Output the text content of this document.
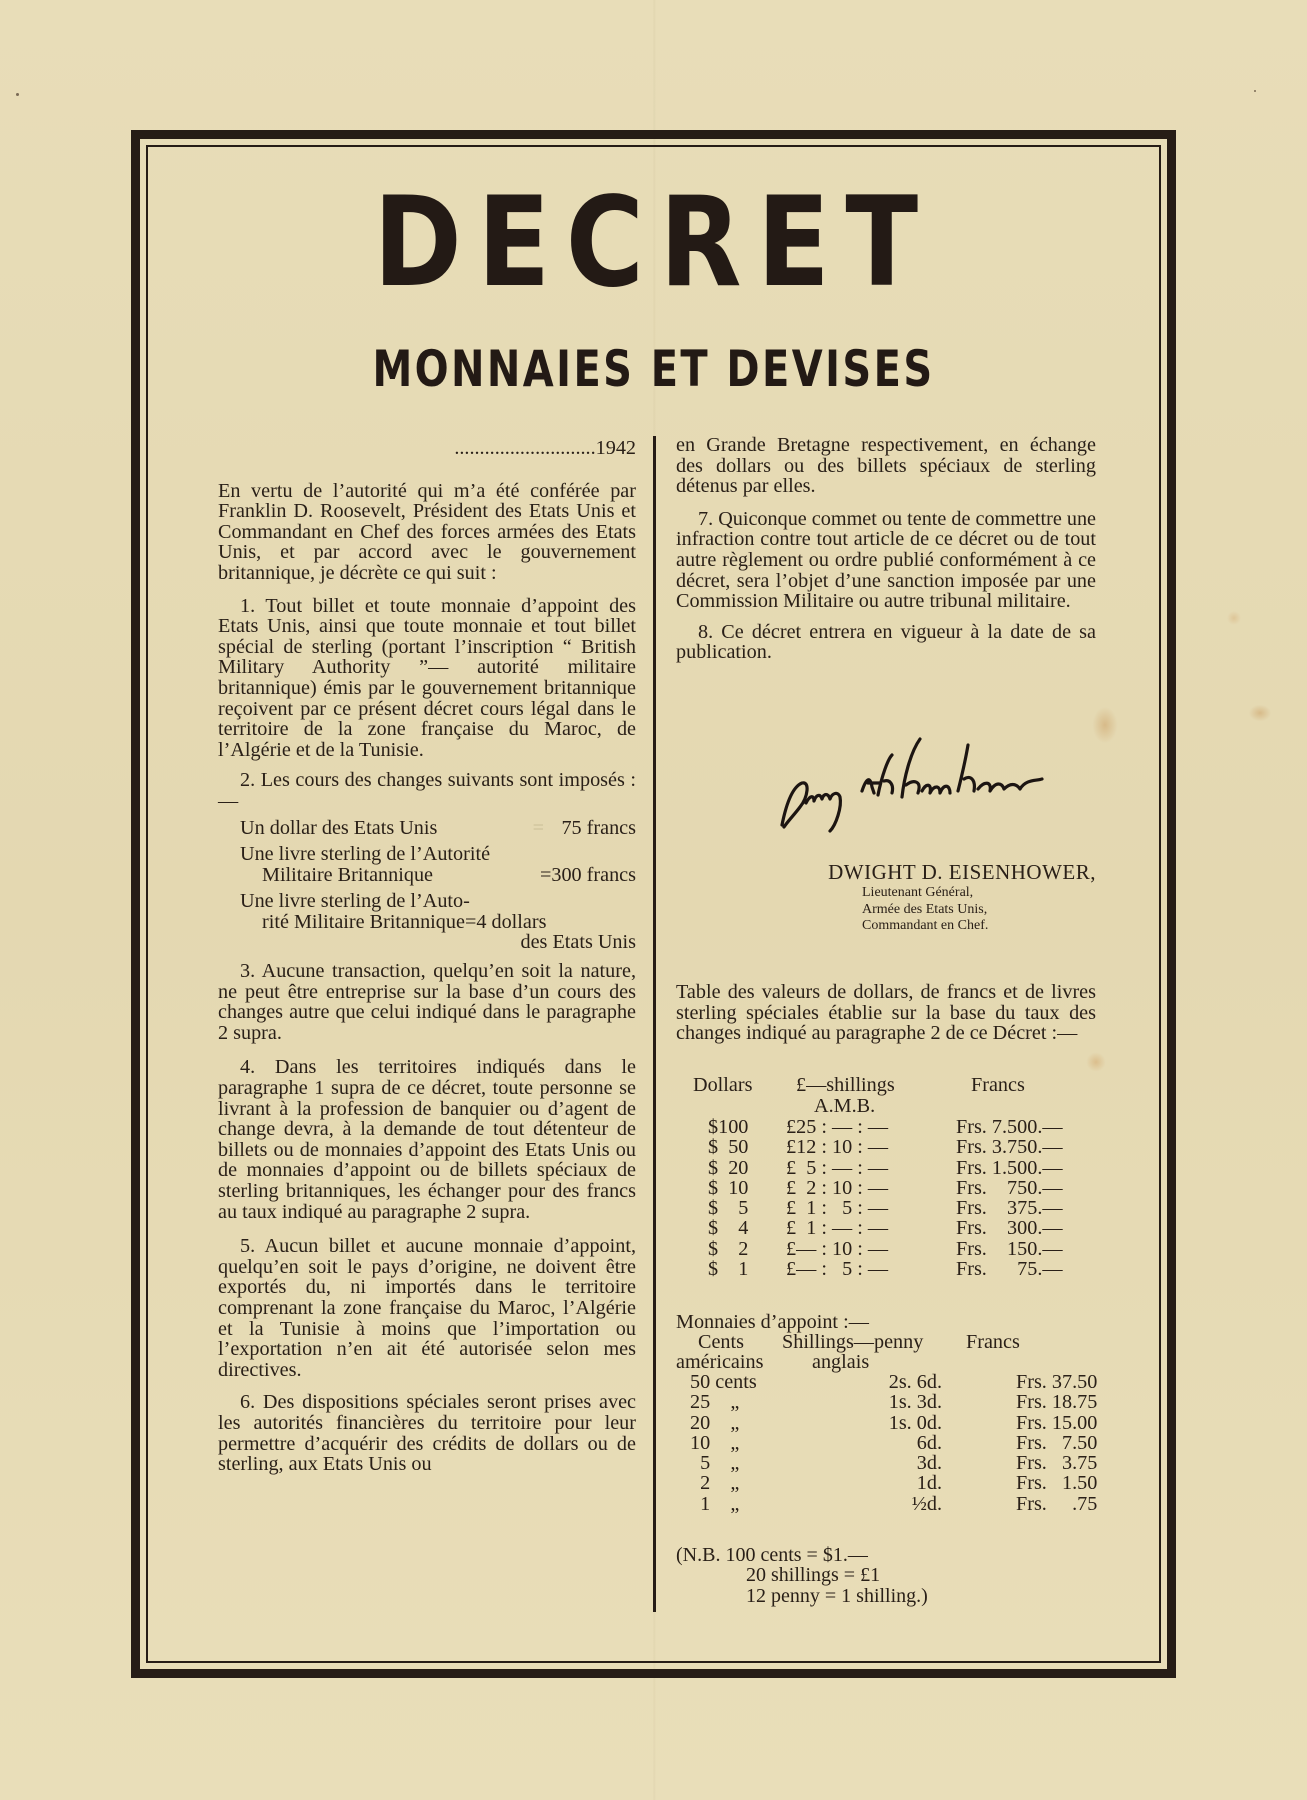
DECRET
MONNAIES ET DEVISES
............................1942

En vertu de l’autorité qui m’a été conférée par Franklin D. Roosevelt, Président des Etats Unis et Commandant en Chef des forces armées des Etats Unis, et par accord avec le gouvernement britannique, je décrète ce qui suit :

1. Tout billet et toute monnaie d’appoint des Etats Unis, ainsi que toute monnaie et tout billet spécial de sterling (portant l’inscription “ British Military Authority ”— autorité militaire britannique) émis par le gouvernement britannique reçoivent par ce présent décret cours légal dans le territoire de la zone française du Maroc, de l’Algérie et de la Tunisie.

2. Les cours des changes suivants sont imposés :—

Un dollar des Etats Unis	= 75 francs
Une livre sterling de l’Autorité
Militaire Britannique	=300 francs
Une livre sterling de l’Auto-
rité Militaire Britannique = 4 dollars
des Etats Unis

3. Aucune transaction, quelqu’en soit la nature, ne peut être entreprise sur la base d’un cours des changes autre que celui indiqué dans le paragraphe 2 supra.

4. Dans les territoires indiqués dans le paragraphe 1 supra de ce décret, toute personne se livrant à la profession de banquier ou d’agent de change devra, à la demande de tout détenteur de billets ou de monnaies d’appoint des Etats Unis ou de monnaies d’appoint ou de billets spéciaux de sterling britanniques, les échanger pour des francs au taux indiqué au paragraphe 2 supra.

5. Aucun billet et aucune monnaie d’appoint, quelqu’en soit le pays d’origine, ne doivent être exportés du, ni importés dans le territoire comprenant la zone française du Maroc, l’Algérie et la Tunisie à moins que l’importation ou l’exportation n’en ait été autorisée selon mes directives.

6. Des dispositions spéciales seront prises avec les autorités financières du territoire pour leur permettre d’acquérir des crédits de dollars ou de sterling, aux Etats Unis ou

en Grande Bretagne respectivement, en échange des dollars ou des billets spéciaux de sterling détenus par elles.

7. Quiconque commet ou tente de commettre une infraction contre tout article de ce décret ou de tout autre règlement ou ordre publié conformément à ce décret, sera l’objet d’une sanction imposée par une Commission Militaire ou autre tribunal militaire.

8. Ce décret entrera en vigueur à la date de sa publication.

DWIGHT D. EISENHOWER,
Lieutenant Général,
Armée des Etats Unis,
Commandant en Chef.
Table des valeurs de dollars, de francs et de livres sterling spéciales établie sur la base du taux des changes indiqué au paragraphe 2 de ce Décret :—
Dollars	£—shillings	Francs
A.M.B.
$100	£25 : — : —	Frs. 7.500.—
$  50	£12 : 10 : —	Frs. 3.750.—
$  20	£  5 : — : —	Frs. 1.500.—
$  10	£  2 : 10 : —	Frs.    750.—
$    5	£  1 :   5 : —	Frs.    375.—
$    4	£  1 : — : —	Frs.    300.—
$    2	£— : 10 : —	Frs.    150.—
$    1	£— :   5 : —	Frs.      75.—
Monnaies d’appoint :—
Cents	Shillings—penny	Francs
américains	anglais
50 cents	2s. 6d.	Frs. 37.50
25    „	1s. 3d.	Frs. 18.75
20    „	1s. 0d.	Frs. 15.00
10    „	6d.	Frs.   7.50
5    „	3d.	Frs.   3.75
2    „	1d.	Frs.   1.50
1    „	½d.	Frs.     .75
(N.B. 100 cents = $1.—
20 shillings = £1
12 penny = 1 shilling.)
